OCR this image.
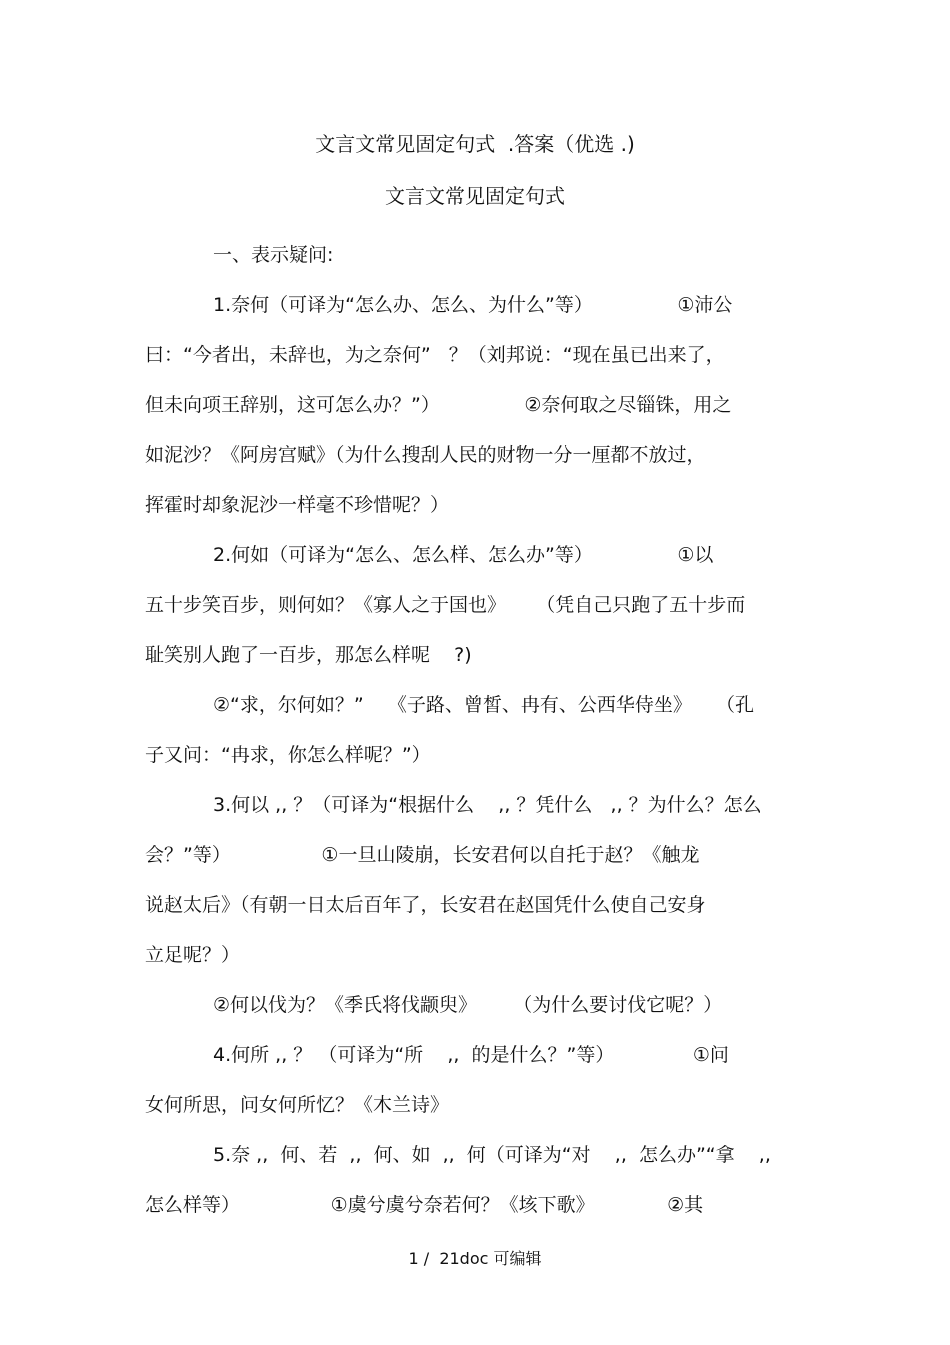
文言文常见固定句式  .答案（优选 .)
文言文常见固定句式

一、表示疑问:

1.奈何（可译为“怎么办、怎么、为什么”等）              ①沛公

曰：“今者出，未辞也，为之奈何”   ？（刘邦说：“现在虽已出来了，

但未向项王辞别，这可怎么办？”）              ②奈何取之尽锱铢，用之

如泥沙？《阿房宫赋》（为什么搜刮人民的财物一分一厘都不放过，

挥霍时却象泥沙一样毫不珍惜呢？）

2.何如（可译为“怎么、怎么样、怎么办”等）              ①以

五十步笑百步，则何如？《寡人之于国也》     （凭自己只跑了五十步而

耻笑别人跑了一百步，那怎么样呢    ?)

②“求，尔何如？”    《子路、曾皙、冉有、公西华侍坐》    （孔

子又问：“冉求，你怎么样呢？”）

3.何以 ,, ？（可译为“根据什么    ,, ？凭什么   ,, ？为什么？怎么

会？”等）               ①一旦山陵崩，长安君何以自托于赵？《触龙

说赵太后》（有朝一日太后百年了，长安君在赵国凭什么使自己安身

立足呢？）

②何以伐为？《季氏将伐颛臾》      （为什么要讨伐它呢？）

4.何所 ,, ？ （可译为“所    ,,  的是什么？”等）             ①问

女何所思，问女何所忆？《木兰诗》

5.奈 ,,  何、若  ,,  何、如  ,,  何（可译为“对    ,,  怎么办”“拿    ,,

怎么样等）               ①虞兮虞兮奈若何？《垓下歌》            ②其

1 /  21doc 可编辑
